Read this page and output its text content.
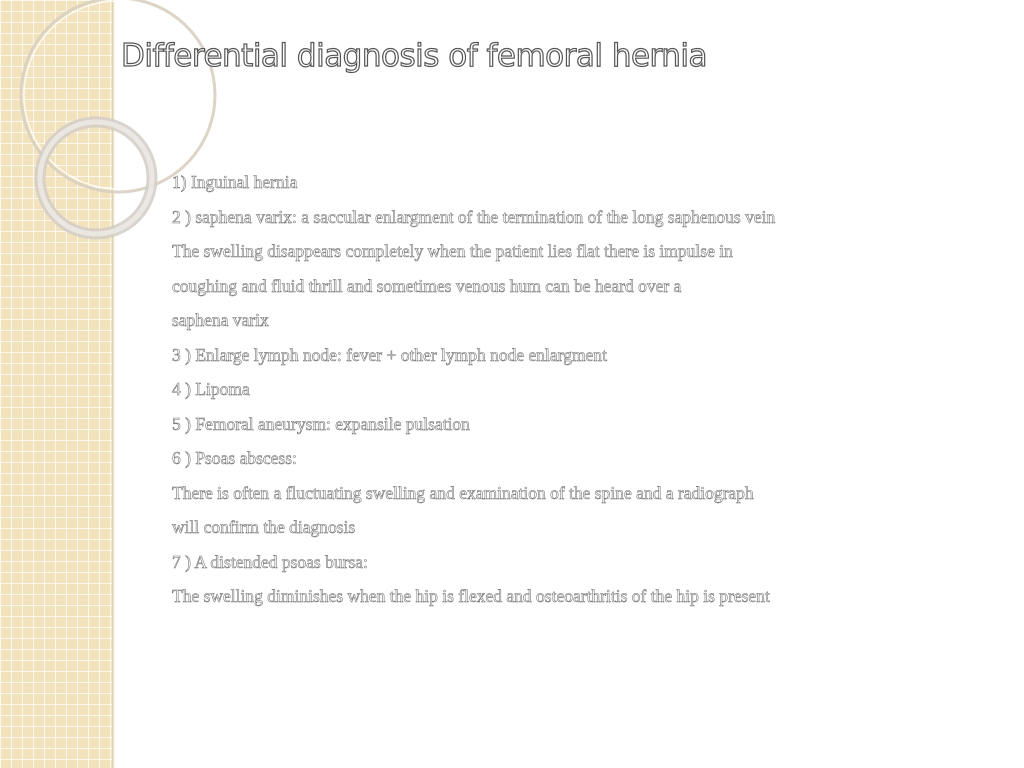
Differential diagnosis of femoral hernia
1) Inguinal hernia
2 ) saphena varix: a saccular enlargment of the termination of the long saphenous vein
The swelling disappears completely when the patient lies flat there is impulse in
coughing and fluid thrill and sometimes venous hum can be heard over a
saphena varix
3 ) Enlarge lymph node: fever + other lymph node enlargment
4 ) Lipoma
5 ) Femoral aneurysm: expansile pulsation
6 ) Psoas abscess:
There is often a fluctuating swelling and examination of the spine and a radiograph
will confirm the diagnosis
7 ) A distended psoas bursa:
The swelling diminishes when the hip is flexed and osteoarthritis of the hip is present
